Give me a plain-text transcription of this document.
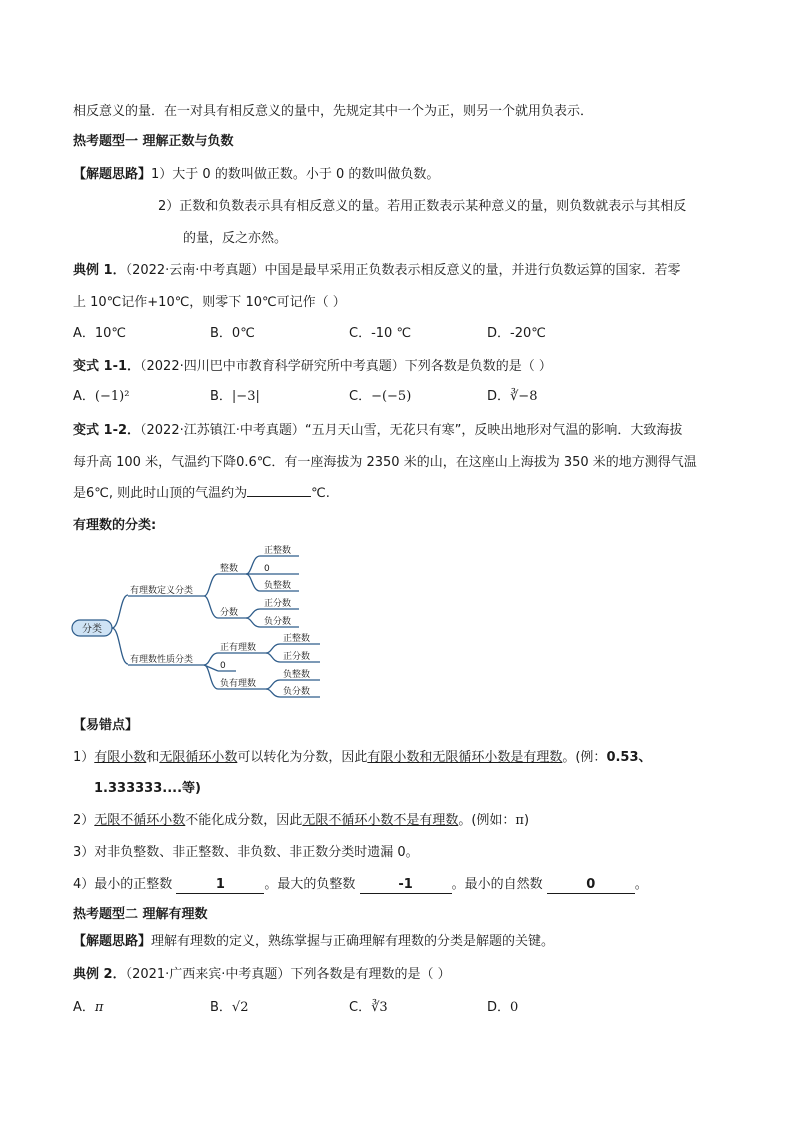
相反意义的量．在一对具有相反意义的量中，先规定其中一个为正，则另一个就用负表示．
热考题型一 理解正数与负数
【解题思路】1）大于 0 的数叫做正数。小于 0 的数叫做负数。
2）正数和负数表示具有相反意义的量。若用正数表示某种意义的量，则负数就表示与其相反
的量，反之亦然。
典例 1．（2022·云南·中考真题）中国是最早采用正负数表示相反意义的量，并进行负数运算的国家．若零
上 10℃记作+10℃，则零下 10℃可记作（ ）
A．10℃	B．0℃	C．-10 ℃	D．-20℃
变式 1-1．（2022·四川巴中市教育科学研究所中考真题）下列各数是负数的是（ ）
A．(−1)²	B．|−3|	C．−(−5)	D．∛−8
变式 1-2．（2022·江苏镇江·中考真题）“五月天山雪，无花只有寒”，反映出地形对气温的影响．大致海拔
每升高 100 米，气温约下降0.6℃．有一座海拔为 2350 米的山，在这座山上海拔为 350 米的地方测得气温
是6℃, 则此时山顶的气温约为	℃.
有理数的分类:
分类
有理数定义分类
有理数性质分类
整数
分数
正整数
0
负整数
正分数
负分数
正有理数
0
负有理数
正整数
正分数
负整数
负分数
【易错点】
1）有限小数和无限循环小数可以转化为分数，因此有限小数和无限循环小数是有理数。(例：0.53、
1.333333....等)
2）无限不循环小数不能化成分数，因此无限不循环小数不是有理数。(例如：π)
3）对非负整数、非正整数、非负数、非正数分类时遗漏 0。
4）最小的正整数	1	。最大的负整数	-1	。最小的自然数	0	。
热考题型二 理解有理数
【解题思路】理解有理数的定义，熟练掌握与正确理解有理数的分类是解题的关键。
典例 2．（2021·广西来宾·中考真题）下列各数是有理数的是（ ）
A．π	B．√2	C．∛3	D．0
